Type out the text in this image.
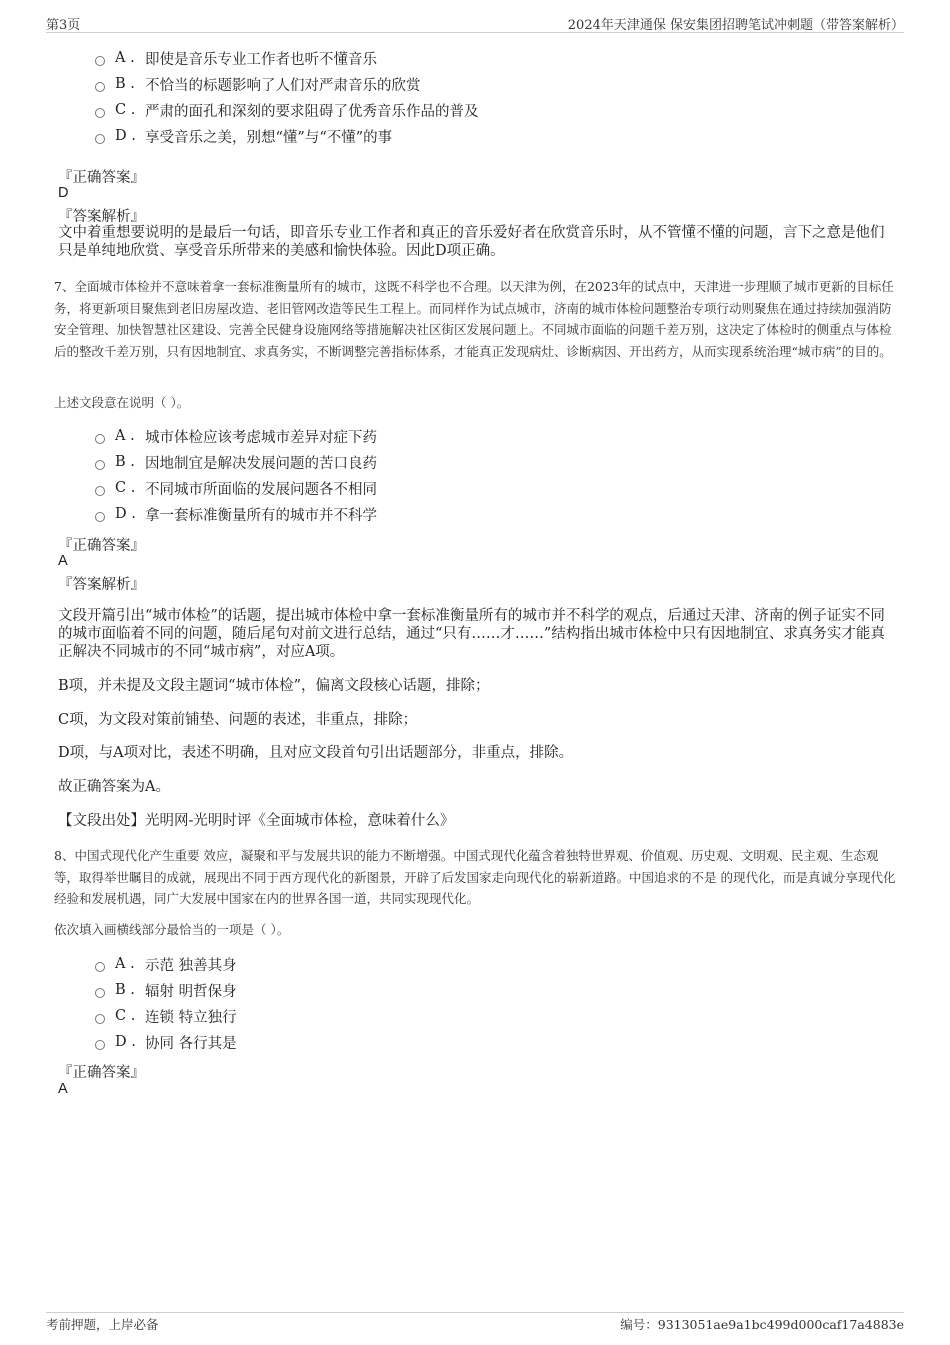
第3页	2024年天津通保 保安集团招聘笔试冲刺题（带答案解析）
A . 即使是音乐专业工作者也听不懂音乐
B . 不恰当的标题影响了人们对严肃音乐的欣赏
C . 严肃的面孔和深刻的要求阻碍了优秀音乐作品的普及
D . 享受音乐之美，别想“懂”与“不懂”的事
『正确答案』
D
『答案解析』
文中着重想要说明的是最后一句话，即音乐专业工作者和真正的音乐爱好者在欣赏音乐时，从不管懂不懂的问题，言下之意是他们只是单纯地欣赏、享受音乐所带来的美感和愉快体验。因此D项正确。
7、全面城市体检并不意味着拿一套标准衡量所有的城市，这既不科学也不合理。以天津为例，在2023年的试点中，天津进一步理顺了城市更新的目标任务，将更新项目聚焦到老旧房屋改造、老旧管网改造等民生工程上。而同样作为试点城市，济南的城市体检问题整治专项行动则聚焦在通过持续加强消防安全管理、加快智慧社区建设、完善全民健身设施网络等措施解决社区街区发展问题上。不同城市面临的问题千差万别，这决定了体检时的侧重点与体检后的整改千差万别，只有因地制宜、求真务实，不断调整完善指标体系，才能真正发现病灶、诊断病因、开出药方，从而实现系统治理“城市病”的目的。
上述文段意在说明（ ）。
A . 城市体检应该考虑城市差异对症下药
B . 因地制宜是解决发展问题的苦口良药
C . 不同城市所面临的发展问题各不相同
D . 拿一套标准衡量所有的城市并不科学
『正确答案』
A
『答案解析』
文段开篇引出“城市体检”的话题，提出城市体检中拿一套标准衡量所有的城市并不科学的观点，后通过天津、济南的例子证实不同的城市面临着不同的问题，随后尾句对前文进行总结，通过“只有……才……”结构指出城市体检中只有因地制宜、求真务实才能真正解决不同城市的不同“城市病”，对应A项。
B项，并未提及文段主题词“城市体检”，偏离文段核心话题，排除；
C项，为文段对策前铺垫、问题的表述，非重点，排除；
D项，与A项对比，表述不明确，且对应文段首句引出话题部分，非重点，排除。
故正确答案为A。
【文段出处】光明网-光明时评《全面城市体检，意味着什么》
8、中国式现代化产生重要 效应，凝聚和平与发展共识的能力不断增强。中国式现代化蕴含着独特世界观、价值观、历史观、文明观、民主观、生态观等，取得举世瞩目的成就，展现出不同于西方现代化的新图景，开辟了后发国家走向现代化的崭新道路。中国追求的不是 的现代化，而是真诚分享现代化经验和发展机遇，同广大发展中国家在内的世界各国一道，共同实现现代化。
依次填入画横线部分最恰当的一项是（ ）。
A . 示范 独善其身
B . 辐射 明哲保身
C . 连锁 特立独行
D . 协同 各行其是
『正确答案』
A
考前押题，上岸必备	编号：9313051ae9a1bc499d000caf17a4883e
